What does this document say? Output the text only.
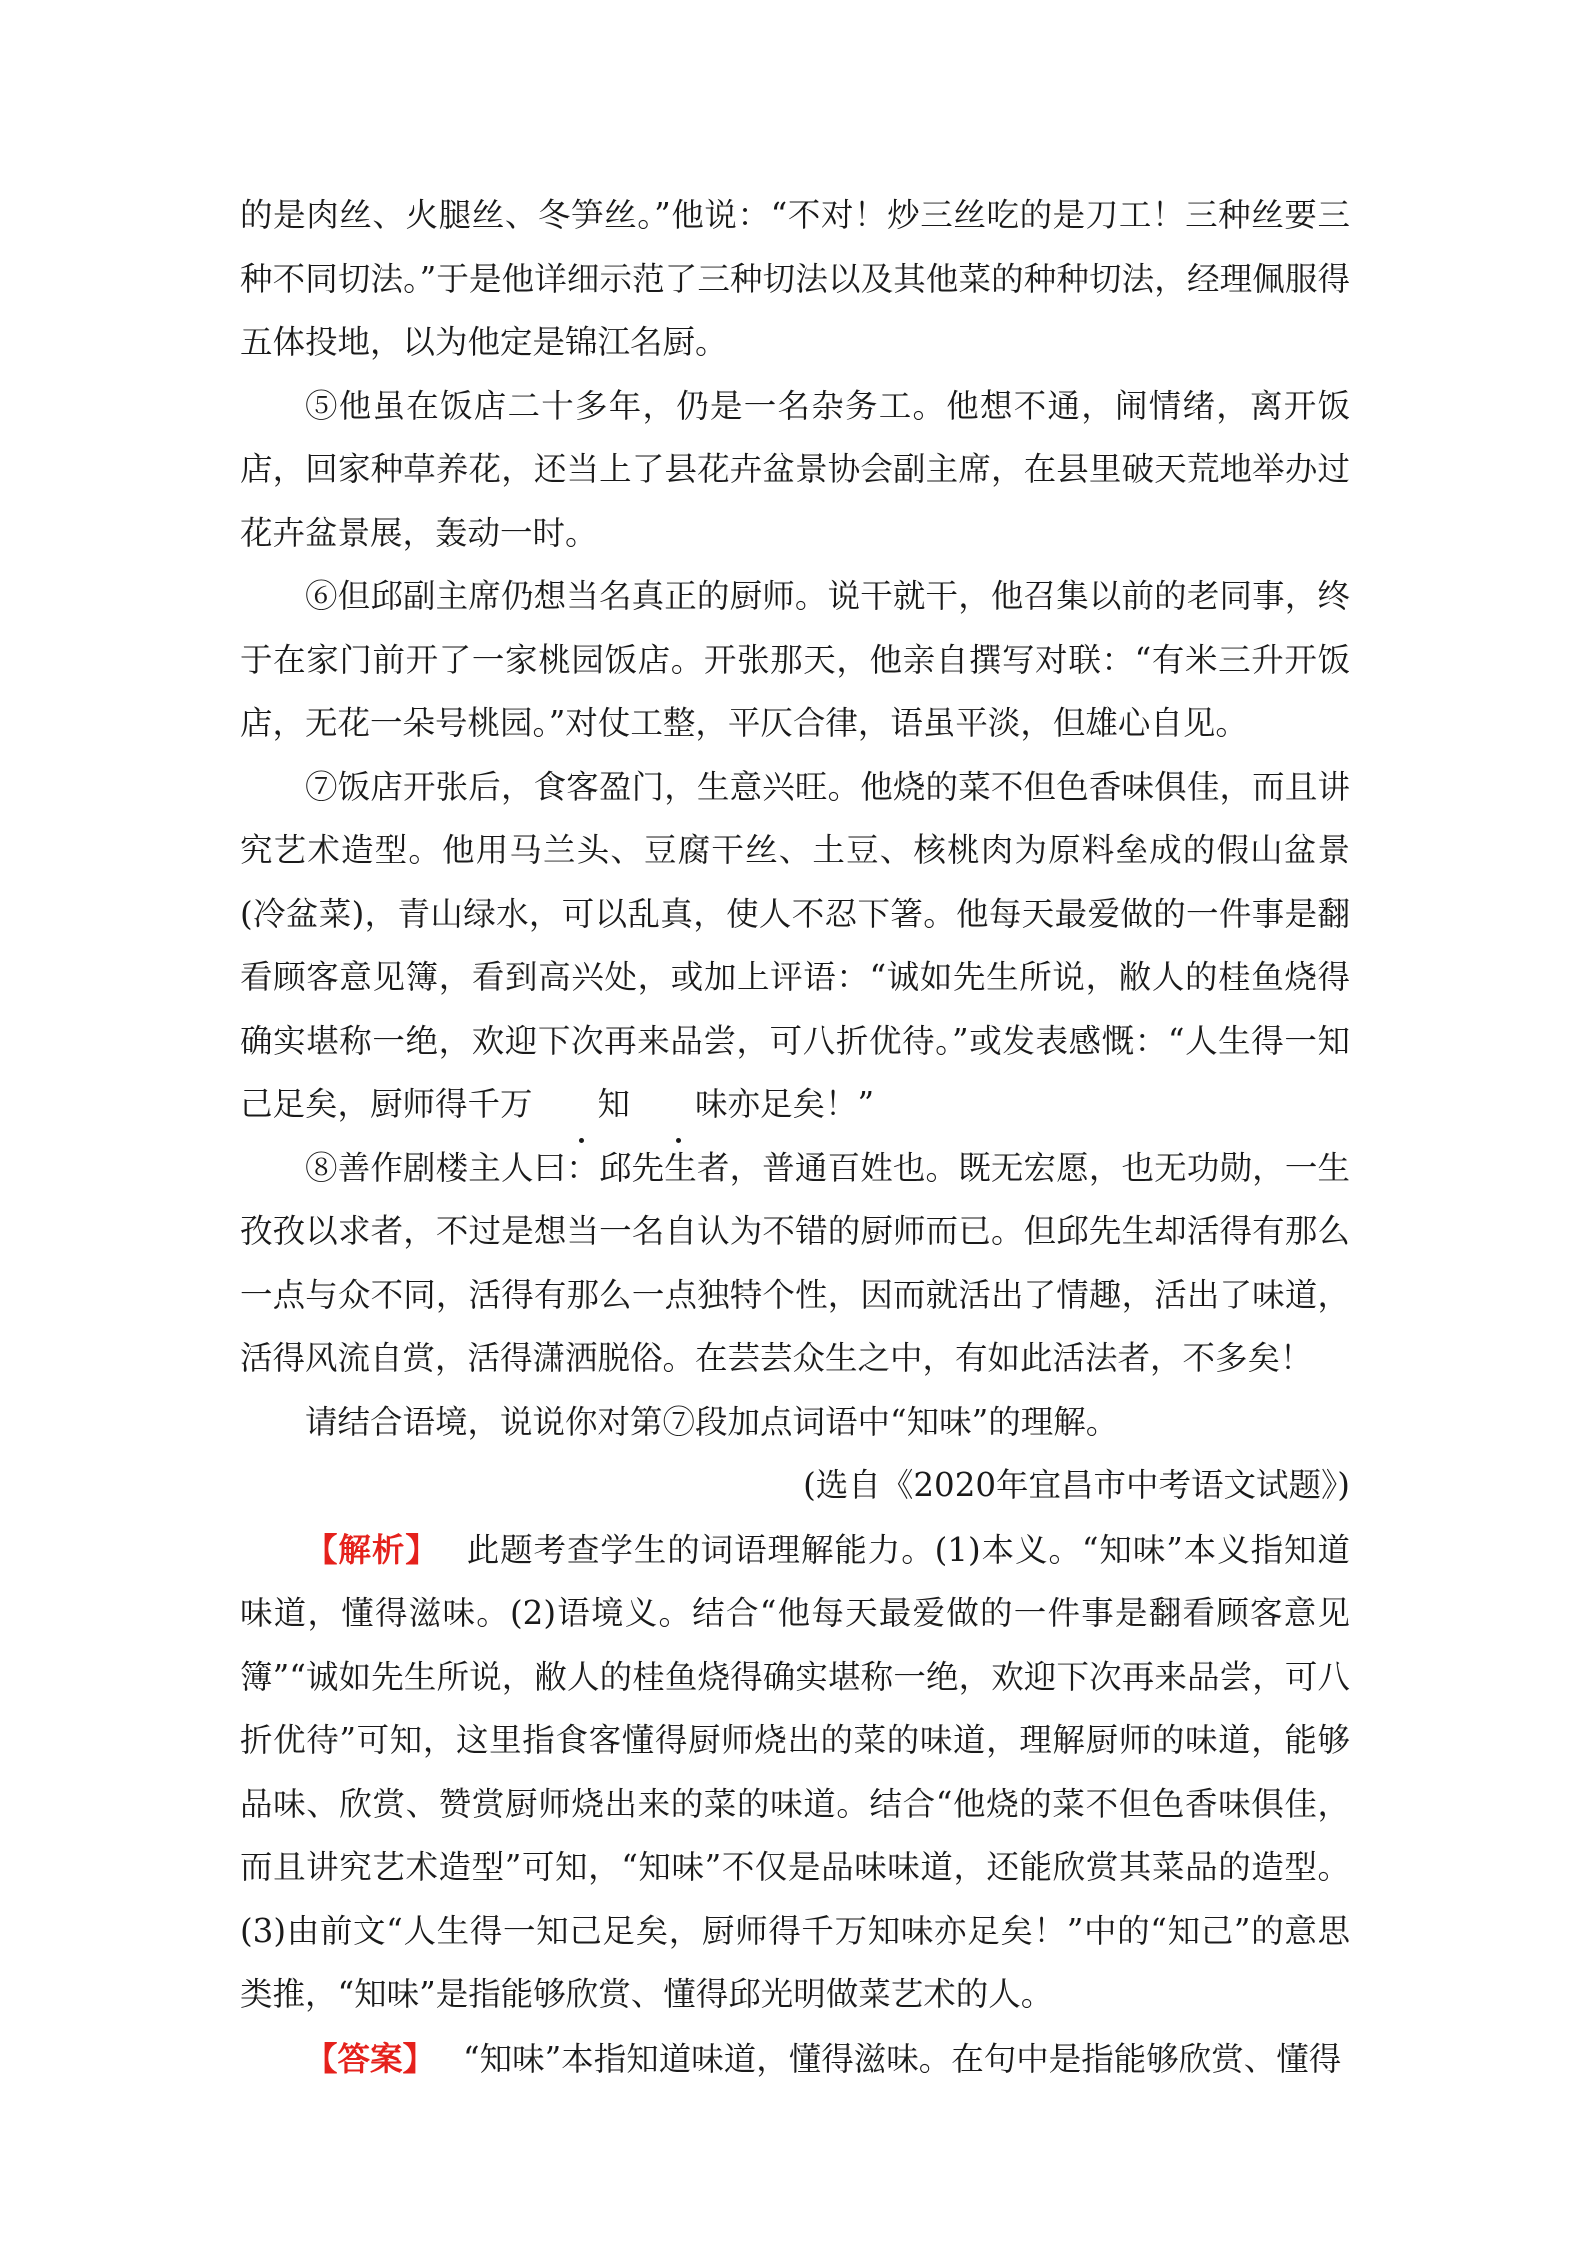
的是肉丝、火腿丝、冬笋丝。”他说：“不对！炒三丝吃的是刀工！三种丝要三种不同切法。”于是他详细示范了三种切法以及其他菜的种种切法，经理佩服得五体投地，以为他定是锦江名厨。

⑤他虽在饭店二十多年，仍是一名杂务工。他想不通，闹情绪，离开饭店，回家种草养花，还当上了县花卉盆景协会副主席，在县里破天荒地举办过花卉盆景展，轰动一时。

⑥但邱副主席仍想当名真正的厨师。说干就干，他召集以前的老同事，终于在家门前开了一家桃园饭店。开张那天，他亲自撰写对联：“有米三升开饭店，无花一朵号桃园。”对仗工整，平仄合律，语虽平淡，但雄心自见。

⑦饭店开张后，食客盈门，生意兴旺。他烧的菜不但色香味俱佳，而且讲究艺术造型。他用马兰头、豆腐干丝、土豆、核桃肉为原料垒成的假山盆景(冷盆菜)，青山绿水，可以乱真，使人不忍下箸。他每天最爱做的一件事是翻看顾客意见簿，看到高兴处，或加上评语：“诚如先生所说，敝人的桂鱼烧得确实堪称一绝，欢迎下次再来品尝，可八折优待。”或发表感慨：“人生得一知己足矣，厨师得千万 知 味亦足矣！”

⑧善作剧楼主人曰：邱先生者，普通百姓也。既无宏愿，也无功勋，一生孜孜以求者，不过是想当一名自认为不错的厨师而已。但邱先生却活得有那么一点与众不同，活得有那么一点独特个性，因而就活出了情趣，活出了味道，活得风流自赏，活得潇洒脱俗。在芸芸众生之中，有如此活法者，不多矣！

请结合语境，说说你对第⑦段加点词语中“知味”的理解。

(选自《2020年宜昌市中考语文试题》)

【解析】 此题考查学生的词语理解能力。(1)本义。“知味”本义指知道味道，懂得滋味。(2)语境义。结合“他每天最爱做的一件事是翻看顾客意见簿”“诚如先生所说，敝人的桂鱼烧得确实堪称一绝，欢迎下次再来品尝，可八折优待”可知，这里指食客懂得厨师烧出的菜的味道，理解厨师的味道，能够品味、欣赏、赞赏厨师烧出来的菜的味道。结合“他烧的菜不但色香味俱佳，而且讲究艺术造型”可知，“知味”不仅是品味味道，还能欣赏其菜品的造型。(3)由前文“人生得一知己足矣，厨师得千万知味亦足矣！”中的“知己”的意思类推，“知味”是指能够欣赏、懂得邱光明做菜艺术的人。

【答案】 “知味”本指知道味道，懂得滋味。在句中是指能够欣赏、懂得
